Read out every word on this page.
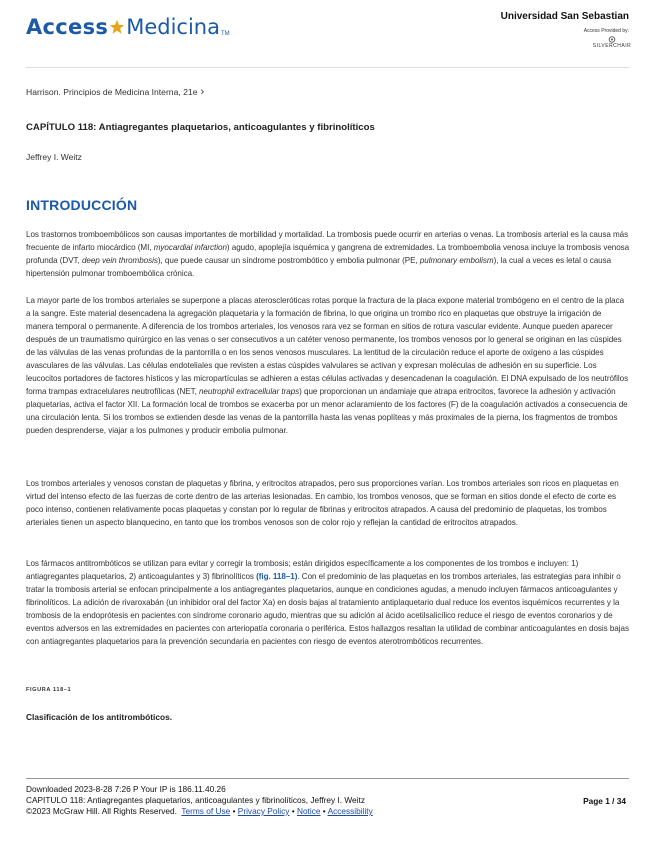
Access Medicina TM
Universidad San Sebastian
Access Provided by:
SILVERCHAIR
Harrison. Principios de Medicina Interna, 21e ›
CAPÍTULO 118: Antiagregantes plaquetarios, anticoagulantes y fibrinolíticos
Jeffrey I. Weitz
INTRODUCCIÓN
Los trastornos tromboembólicos son causas importantes de morbilidad y mortalidad. La trombosis puede ocurrir en arterias o venas. La trombosis arterial es la causa más frecuente de infarto miocárdico (MI, myocardial infarction) agudo, apoplejía isquémica y gangrena de extremidades. La tromboembolia venosa incluye la trombosis venosa profunda (DVT, deep vein thrombosis), que puede causar un síndrome postrombótico y embolia pulmonar (PE, pulmonary embolism), la cual a veces es letal o causa hipertensión pulmonar tromboembólica crónica.
La mayor parte de los trombos arteriales se superpone a placas ateroscleróticas rotas porque la fractura de la placa expone material trombógeno en el centro de la placa a la sangre. Este material desencadena la agregación plaquetaria y la formación de fibrina, lo que origina un trombo rico en plaquetas que obstruye la irrigación de manera temporal o permanente. A diferencia de los trombos arteriales, los venosos rara vez se forman en sitios de rotura vascular evidente. Aunque pueden aparecer después de un traumatismo quirúrgico en las venas o ser consecutivos a un catéter venoso permanente, los trombos venosos por lo general se originan en las cúspides de las válvulas de las venas profundas de la pantorrilla o en los senos venosos musculares. La lentitud de la circulación reduce el aporte de oxígeno a las cúspides avasculares de las válvulas. Las células endoteliales que revisten a estas cúspides valvulares se activan y expresan moléculas de adhesión en su superficie. Los leucocitos portadores de factores hísticos y las micropartículas se adhieren a estas células activadas y desencadenan la coagulación. El DNA expulsado de los neutrófilos forma trampas extracelulares neutrofílicas (NET, neutrophil extracellular traps) que proporcionan un andamiaje que atrapa eritrocitos, favorece la adhesión y activación plaquetarias, activa el factor XII. La formación local de trombos se exacerba por un menor aclaramiento de los factores (F) de la coagulación activados a consecuencia de una circulación lenta. Si los trombos se extienden desde las venas de la pantorrilla hasta las venas poplíteas y más proximales de la pierna, los fragmentos de trombos pueden desprenderse, viajar a los pulmones y producir embolia pulmonar.
Los trombos arteriales y venosos constan de plaquetas y fibrina, y eritrocitos atrapados, pero sus proporciones varían. Los trombos arteriales son ricos en plaquetas en virtud del intenso efecto de las fuerzas de corte dentro de las arterias lesionadas. En cambio, los trombos venosos, que se forman en sitios donde el efecto de corte es poco intenso, contienen relativamente pocas plaquetas y constan por lo regular de fibrinas y eritrocitos atrapados. A causa del predominio de plaquetas, los trombos arteriales tienen un aspecto blanquecino, en tanto que los trombos venosos son de color rojo y reflejan la cantidad de eritrocitos atrapados.
Los fármacos antitrombóticos se utilizan para evitar y corregir la trombosis; están dirigidos específicamente a los componentes de los trombos e incluyen: 1) antiagregantes plaquetarios, 2) anticoagulantes y 3) fibrinolíticos (fig. 118–1). Con el predominio de las plaquetas en los trombos arteriales, las estrategias para inhibir o tratar la trombosis arterial se enfocan principalmente a los antiagregantes plaquetarios, aunque en condiciones agudas, a menudo incluyen fármacos anticoagulantes y fibrinolíticos. La adición de rivaroxabán (un inhibidor oral del factor Xa) en dosis bajas al tratamiento antiplaquetario dual reduce los eventos isquémicos recurrentes y la trombosis de la endoprótesis en pacientes con síndrome coronario agudo, mientras que su adición al ácido acetilsalicílico reduce el riesgo de eventos coronarios y de eventos adversos en las extremidades en pacientes con arteriopatía coronaria o periférica. Estos hallazgos resaltan la utilidad de combinar anticoagulantes en dosis bajas con antiagregantes plaquetarios para la prevención secundaria en pacientes con riesgo de eventos aterotrombóticos recurrentes.
FIGURA 118–1
Clasificación de los antitrombóticos.
Downloaded 2023-8-28 7:26 P Your IP is 186.11.40.26
CAPITULO 118: Antiagregantes plaquetarios, anticoagulantes y fibrinolíticos, Jeffrey I. Weitz
©2023 McGraw Hill. All Rights Reserved. Terms of Use • Privacy Policy • Notice • Accessibility
Page 1 / 34
